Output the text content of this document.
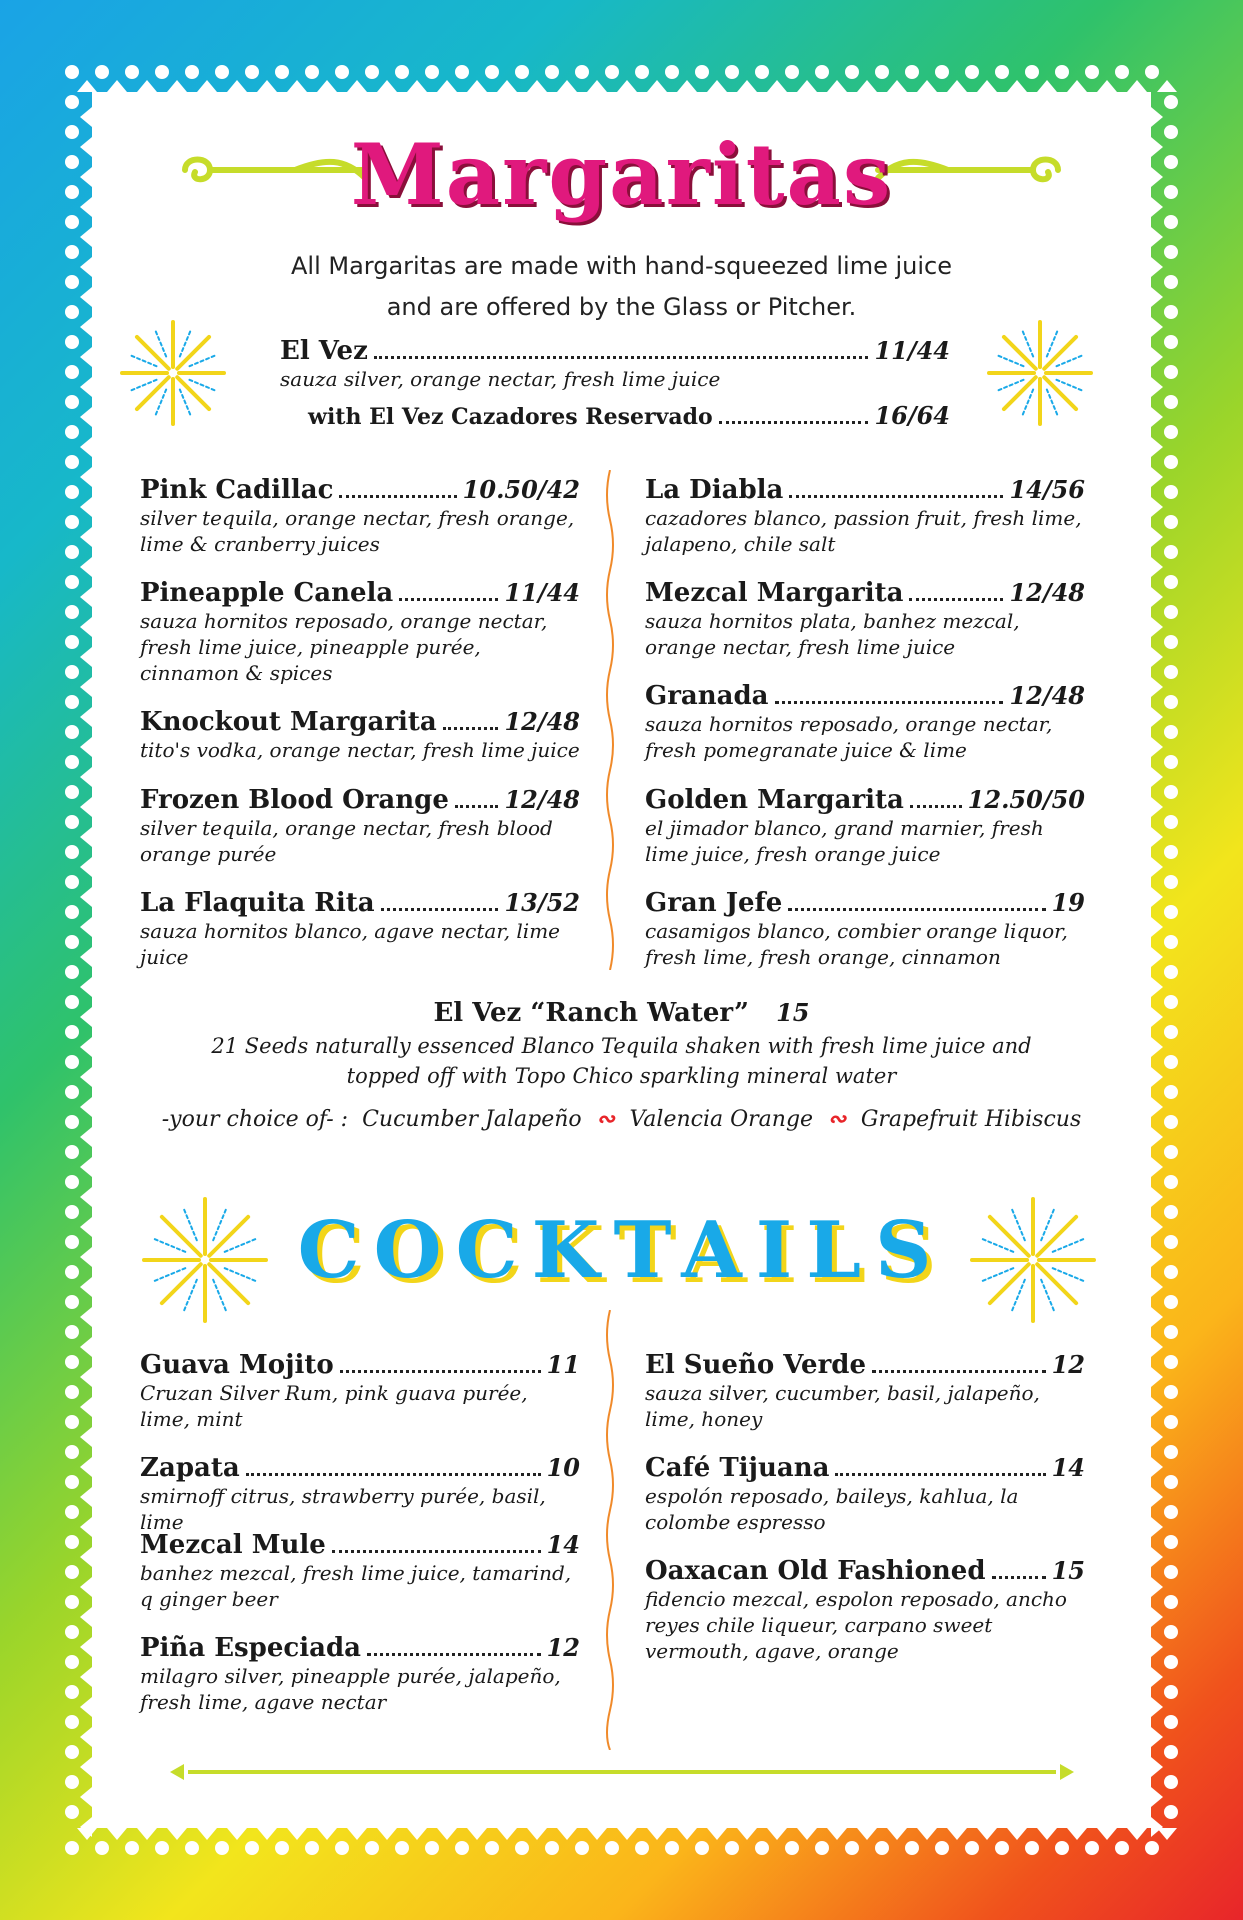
Margaritas
All Margaritas are made with hand-squeezed lime juice
and are offered by the Glass or Pitcher.
El Vez	11/44
sauza silver, orange nectar, fresh lime juice
with El Vez Cazadores Reservado	16/64
Pink Cadillac	10.50/42
silver tequila, orange nectar, fresh orange, lime & cranberry juices
Pineapple Canela	11/44
sauza hornitos reposado, orange nectar, fresh lime juice, pineapple purée, cinnamon & spices
Knockout Margarita	12/48
tito's vodka, orange nectar, fresh lime juice
Frozen Blood Orange 12/48
silver tequila, orange nectar, fresh blood orange purée
La Flaquita Rita	13/52
sauza hornitos blanco, agave nectar, lime juice
La Diabla	14/56
cazadores blanco, passion fruit, fresh lime, jalapeno, chile salt
Mezcal Margarita	12/48
sauza hornitos plata, banhez mezcal, orange nectar, fresh lime juice
Granada	12/48
sauza hornitos reposado, orange nectar, fresh pomegranate juice & lime
Golden Margarita	12.50/50
el jimador blanco, grand marnier, fresh lime juice, fresh orange juice
Gran Jefe	19
casamigos blanco, combier orange liquor, fresh lime, fresh orange, cinnamon
El Vez “Ranch Water” 15
21 Seeds naturally essenced Blanco Tequila shaken with fresh lime juice and
topped off with Topo Chico sparkling mineral water
-your choice of- : Cucumber Jalapeño  ∾  Valencia Orange  ∾  Grapefruit Hibiscus
COCKTAILS
Guava Mojito	11
Cruzan Silver Rum, pink guava purée, lime, mint
Zapata	10
smirnoff citrus, strawberry purée, basil, lime
Mezcal Mule	14
banhez mezcal, fresh lime juice, tamarind, q ginger beer
Piña Especiada	12
milagro silver, pineapple purée, jalapeño, fresh lime, agave nectar
El Sueño Verde	12
sauza silver, cucumber, basil, jalapeño, lime, honey
Café Tijuana	14
espolón reposado, baileys, kahlua, la colombe espresso
Oaxacan Old Fashioned	15
fidencio mezcal, espolon reposado, ancho reyes chile liqueur, carpano sweet vermouth, agave, orange
